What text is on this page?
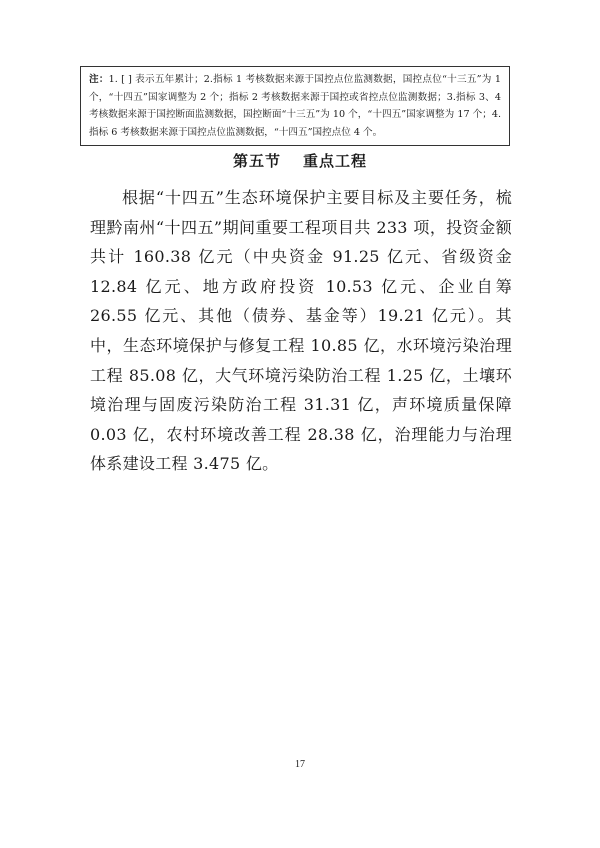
注：1. [ ] 表示五年累计；2.指标 1 考核数据来源于国控点位监测数据，国控点位“十三五”为 1 个，“十四五”国家调整为 2 个；指标 2 考核数据来源于国控或省控点位监测数据；3.指标 3、4 考核数据来源于国控断面监测数据，国控断面“十三五”为 10 个，“十四五”国家调整为 17 个；4.指标 6 考核数据来源于国控点位监测数据，“十四五”国控点位 4 个。
第五节 重点工程
根据“十四五”生态环境保护主要目标及主要任务，梳理黔南州“十四五”期间重要工程项目共 233 项，投资金额共计 160.38 亿元（中央资金 91.25 亿元、省级资金 12.84 亿元、地方政府投资 10.53 亿元、企业自筹 26.55 亿元、其他（债券、基金等）19.21 亿元）。其中，生态环境保护与修复工程 10.85 亿，水环境污染治理工程 85.08 亿，大气环境污染防治工程 1.25 亿，土壤环境治理与固废污染防治工程 31.31 亿，声环境质量保障 0.03 亿，农村环境改善工程 28.38 亿，治理能力与治理体系建设工程 3.475 亿。
17
